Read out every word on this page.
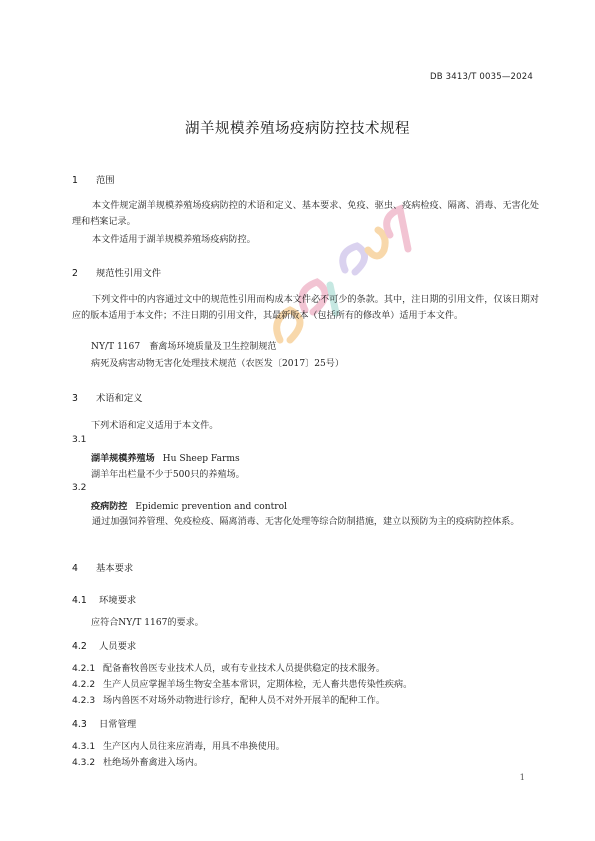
DB 3413/T 0035—2024
湖羊规模养殖场疫病防控技术规程
1 范围
本文件规定湖羊规模养殖场疫病防控的术语和定义、基本要求、免疫、驱虫、疫病检疫、隔离、消毒、无害化处理和档案记录。
本文件适用于湖羊规模养殖场疫病防控。
2 规范性引用文件
下列文件中的内容通过文中的规范性引用而构成本文件必不可少的条款。其中，注日期的引用文件，仅该日期对应的版本适用于本文件；不注日期的引用文件，其最新版本（包括所有的修改单）适用于本文件。
NY/T 1167　畜禽场环境质量及卫生控制规范
病死及病害动物无害化处理技术规范（农医发〔2017〕25号）
3 术语和定义
下列术语和定义适用于本文件。
3.1
湖羊规模养殖场 Hu Sheep Farms
湖羊年出栏量不少于500只的养殖场。
3.2
疫病防控 Epidemic prevention and control
通过加强饲养管理、免疫检疫、隔离消毒、无害化处理等综合防制措施，建立以预防为主的疫病防控体系。
4 基本要求
4.1 环境要求
应符合NY/T 1167的要求。
4.2 人员要求
4.2.1 配备畜牧兽医专业技术人员，或有专业技术人员提供稳定的技术服务。
4.2.2 生产人员应掌握羊场生物安全基本常识，定期体检，无人畜共患传染性疾病。
4.2.3 场内兽医不对场外动物进行诊疗，配种人员不对外开展羊的配种工作。
4.3 日常管理
4.3.1 生产区内人员往来应消毒，用具不串换使用。
4.3.2 杜绝场外畜禽进入场内。
1
